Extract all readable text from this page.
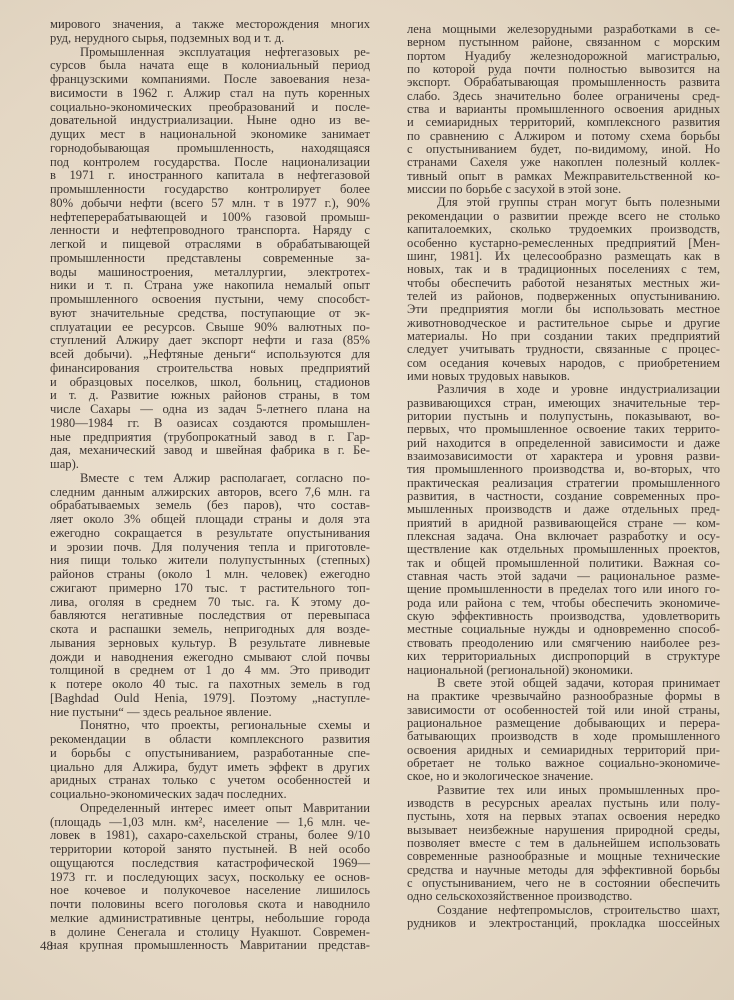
мирового значения, а также месторождения многих
руд, нерудного сырья, подземных вод и т. д.
Промышленная эксплуатация нефтегазовых ре-
сурсов была начата еще в колониальный период
французскими компаниями. После завоевания неза-
висимости в 1962 г. Алжир стал на путь коренных
социально-экономических преобразований и после-
довательной индустриализации. Ныне одно из ве-
дущих мест в национальной экономике занимает
горнодобывающая промышленность, находящаяся
под контролем государства. После национализации
в 1971 г. иностранного капитала в нефтегазовой
промышленности государство контролирует более
80% добычи нефти (всего 57 млн. т в 1977 г.), 90%
нефтеперерабатывающей и 100% газовой промыш-
ленности и нефтепроводного транспорта. Наряду с
легкой и пищевой отраслями в обрабатывающей
промышленности представлены современные за-
воды машиностроения, металлургии, электротех-
ники и т. п. Страна уже накопила немалый опыт
промышленного освоения пустыни, чему способст-
вуют значительные средства, поступающие от эк-
сплуатации ее ресурсов. Свыше 90% валютных по-
ступлений Алжиру дает экспорт нефти и газа (85%
всей добычи). „Нефтяные деньги“ используются для
финансирования строительства новых предприятий
и образцовых поселков, школ, больниц, стадионов
и т. д. Развитие южных районов страны, в том
числе Сахары — одна из задач 5-летнего плана на
1980—1984 гг. В оазисах создаются промышлен-
ные предприятия (трубопрокатный завод в г. Гар-
дая, механический завод и швейная фабрика в г. Бе-
шар).
Вместе с тем Алжир располагает, согласно по-
следним данным алжирских авторов, всего 7,6 млн. га
обрабатываемых земель (без паров), что состав-
ляет около 3% общей площади страны и доля эта
ежегодно сокращается в результате опустынивания
и эрозии почв. Для получения тепла и приготовле-
ния пищи только жители полупустынных (степных)
районов страны (около 1 млн. человек) ежегодно
сжигают примерно 170 тыс. т растительного топ-
лива, оголяя в среднем 70 тыс. га. К этому до-
бавляются негативные последствия от перевыпаса
скота и распашки земель, непригодных для возде-
лывания зерновых культур. В результате ливневые
дожди и наводнения ежегодно смывают слой почвы
толщиной в среднем от 1 до 4 мм. Это приводит
к потере около 40 тыс. га пахотных земель в год
[Baghdad Ould Henia, 1979]. Поэтому „наступле-
ние пустыни“ — здесь реальное явление.
Понятно, что проекты, региональные схемы и
рекомендации в области комплексного развития
и борьбы с опустыниванием, разработанные спе-
циально для Алжира, будут иметь эффект в других
аридных странах только с учетом особенностей и
социально-экономических задач последних.
Определенный интерес имеет опыт Мавритании
(площадь —1,03 млн. км², население — 1,6 млн. че-
ловек в 1981), сахаро-сахельской страны, более 9/10
территории которой занято пустыней. В ней особо
ощущаются последствия катастрофической 1969—
1973 гг. и последующих засух, поскольку ее основ-
ное кочевое и полукочевое население лишилось
почти половины всего поголовья скота и наводнило
мелкие административные центры, небольшие города
в долине Сенегала и столицу Нуакшот. Современ-
ная крупная промышленность Мавритании представ-
лена мощными железорудными разработками в се-
верном пустынном районе, связанном с морским
портом Нуадибу железнодорожной магистралью,
по которой руда почти полностью вывозится на
экспорт. Обрабатывающая промышленность развита
слабо. Здесь значительно более ограничены сред-
ства и варианты промышленного освоения аридных
и семиаридных территорий, комплексного развития
по сравнению с Алжиром и потому схема борьбы
с опустыниванием будет, по-видимому, иной. Но
странами Сахеля уже накоплен полезный коллек-
тивный опыт в рамках Межправительственной ко-
миссии по борьбе с засухой в этой зоне.
Для этой группы стран могут быть полезными
рекомендации о развитии прежде всего не столько
капиталоемких, сколько трудоемких производств,
особенно кустарно-ремесленных предприятий [Мен-
шинг, 1981]. Их целесообразно размещать как в
новых, так и в традиционных поселениях с тем,
чтобы обеспечить работой незанятых местных жи-
телей из районов, подверженных опустыниванию.
Эти предприятия могли бы использовать местное
животноводческое и растительное сырье и другие
материалы. Но при создании таких предприятий
следует учитывать трудности, связанные с процес-
сом оседания кочевых народов, с приобретением
ими новых трудовых навыков.
Различия в ходе и уровне индустриализации
развивающихся стран, имеющих значительные тер-
ритории пустынь и полупустынь, показывают, во-
первых, что промышленное освоение таких террито-
рий находится в определенной зависимости и даже
взаимозависимости от характера и уровня разви-
тия промышленного производства и, во-вторых, что
практическая реализация стратегии промышленного
развития, в частности, создание современных про-
мышленных производств и даже отдельных пред-
приятий в аридной развивающейся стране — ком-
плексная задача. Она включает разработку и осу-
ществление как отдельных промышленных проектов,
так и общей промышленной политики. Важная со-
ставная часть этой задачи — рациональное разме-
щение промышленности в пределах того или иного го-
рода или района с тем, чтобы обеспечить экономиче-
скую эффективность производства, удовлетворить
местные социальные нужды и одновременно способ-
ствовать преодолению или смягчению наиболее рез-
ких территориальных диспропорций в структуре
национальной (региональной) экономики.
В свете этой общей задачи, которая принимает
на практике чрезвычайно разнообразные формы в
зависимости от особенностей той или иной страны,
рациональное размещение добывающих и перера-
батывающих производств в ходе промышленного
освоения аридных и семиаридных территорий при-
обретает не только важное социально-экономиче-
ское, но и экологическое значение.
Развитие тех или иных промышленных про-
изводств в ресурсных ареалах пустынь или полу-
пустынь, хотя на первых этапах освоения нередко
вызывает неизбежные нарушения природной среды,
позволяет вместе с тем в дальнейшем использовать
современные разнообразные и мощные технические
средства и научные методы для эффективной борьбы
с опустыниванием, чего не в состоянии обеспечить
одно сельскохозяйственное производство.
Создание нефтепромыслов, строительство шахт,
рудников и электростанций, прокладка шоссейных
48
